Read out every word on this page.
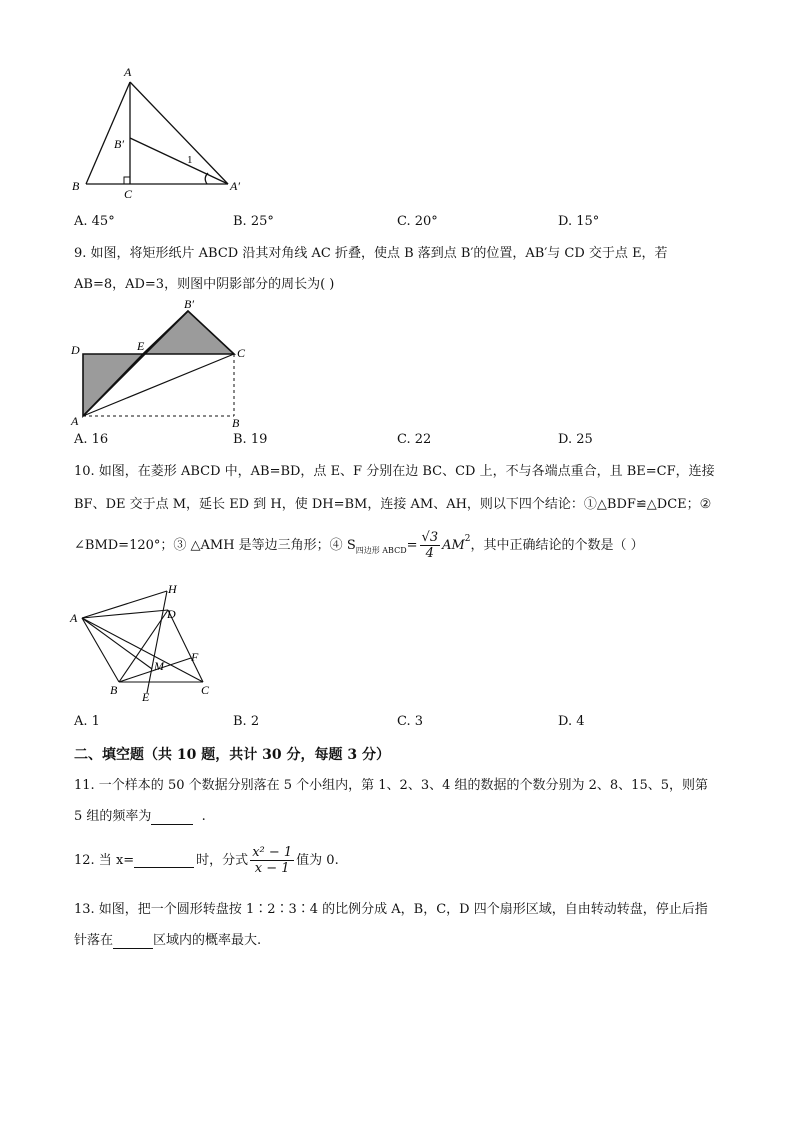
A
B′
1
B
C
A′
A. 45°	B. 25°	C. 20°	D. 15°
9. 如图，将矩形纸片 ABCD 沿其对角线 AC 折叠，使点 B 落到点 B′的位置，AB′与 CD 交于点 E，若
AB=8，AD=3，则图中阴影部分的周长为( )
B′
D	E	C
A	B
A. 16	B. 19	C. 22	D. 25
10. 如图，在菱形 ABCD 中，AB=BD，点 E、F 分别在边 BC、CD 上，不与各端点重合，且 BE=CF，连接
BF、DE 交于点 M，延长 ED 到 H，使 DH=BM，连接 AM、AH，则以下四个结论：①△BDF≌△DCE；②
∠BMD=120°；③ △AMH 是等边三角形；④ S 四边形 ABCD = $\frac{√3}{4}$ AM 2 ，其中正确结论的个数是（ ）
H
A	D
F
M
B E	C
A. 1	B. 2	C. 3	D. 4
二、填空题（共 10 题，共计 30 分，每题 3 分）
11. 一个样本的 50 个数据分别落在 5 个小组内，第 1、2、3、4 组的数据的个数分别为 2、8、15、5，则第
5 组的频率为	.
12. 当 x=	时，分式 $\frac{\text{x² − 1}}{x - 1}$ 值为 0.
13. 如图，把一个圆形转盘按 1∶2∶3∶4 的比例分成 A，B，C，D 四个扇形区域，自由转动转盘，停止后指
针落在	区域内的概率最大.
